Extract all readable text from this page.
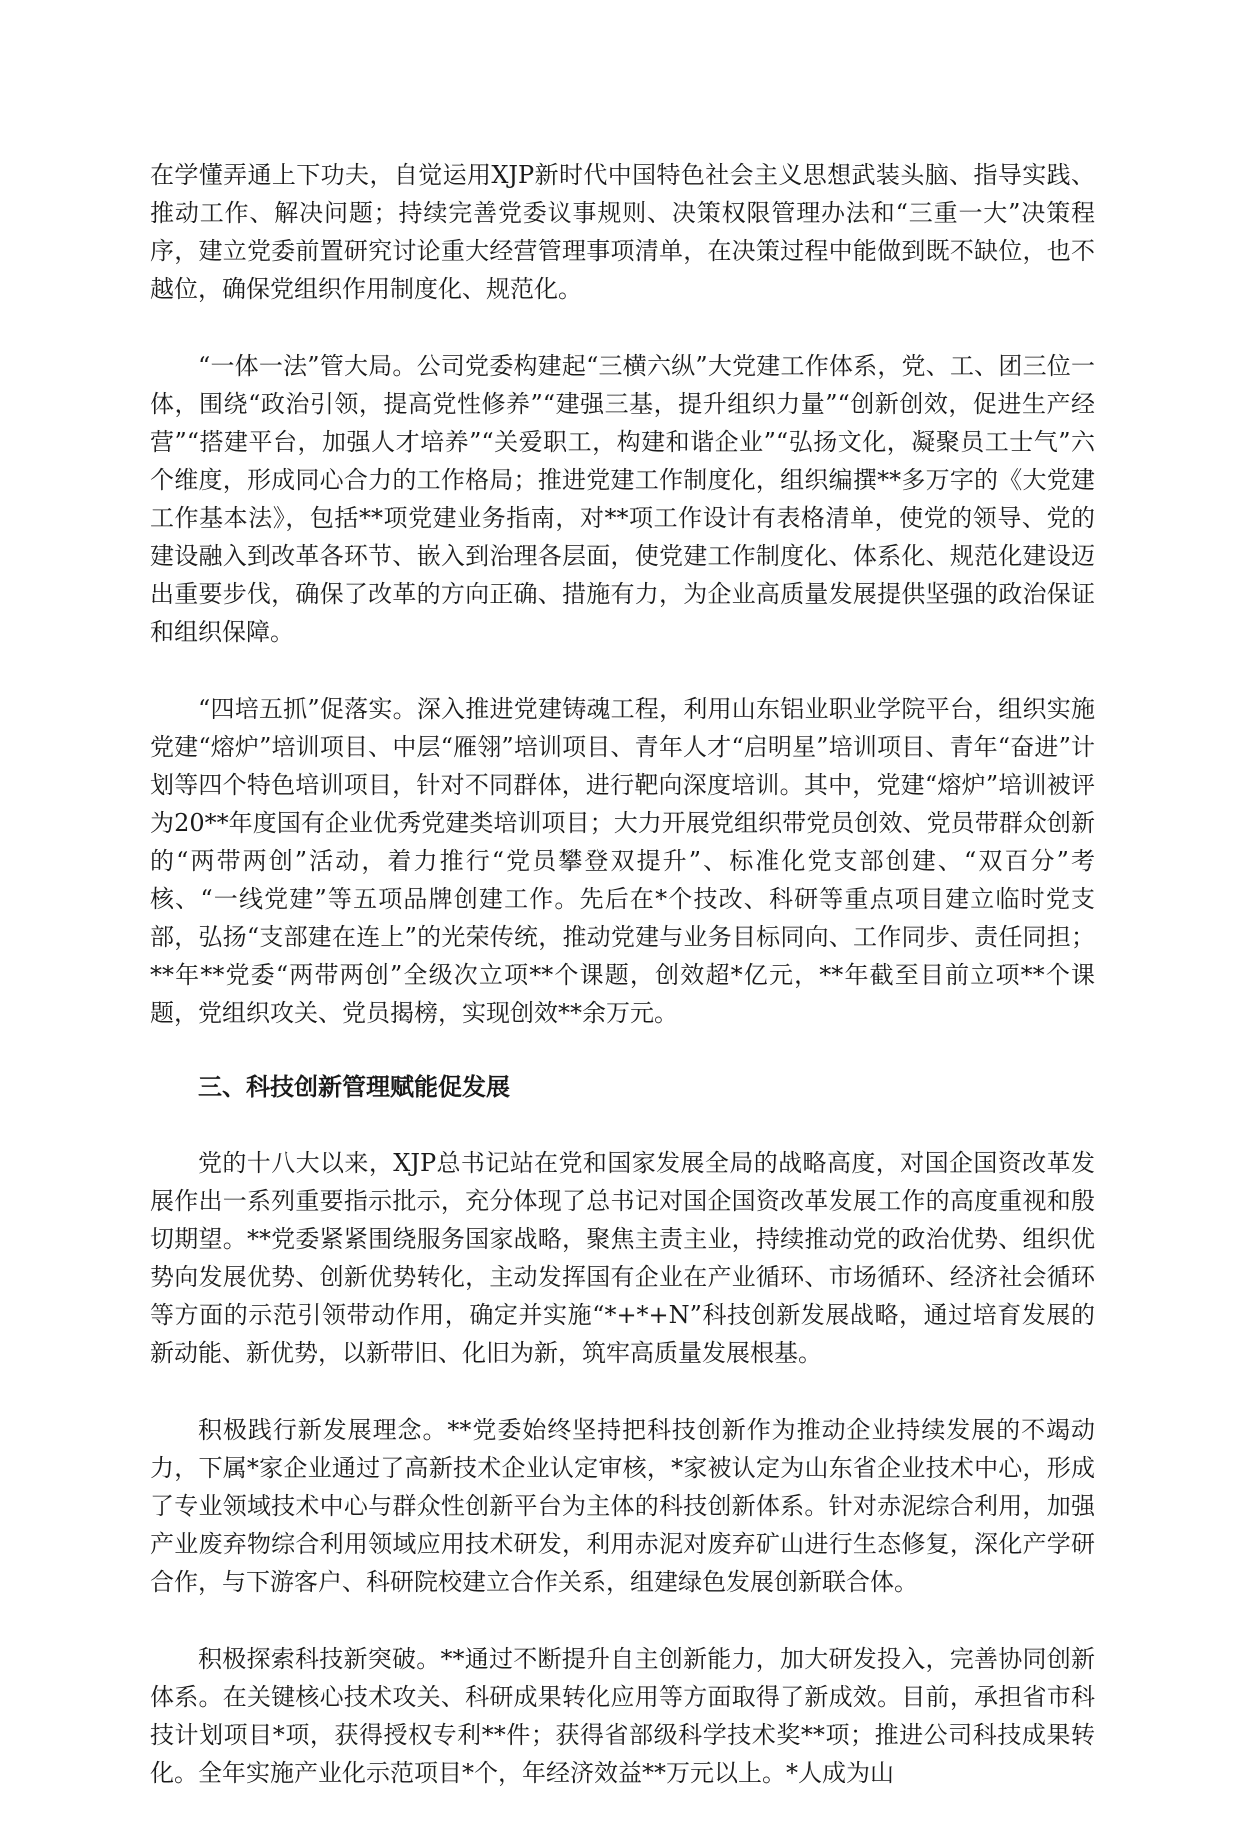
在学懂弄通上下功夫，自觉运用XJP新时代中国特色社会主义思想武装头脑、指导实践、推动工作、解决问题；持续完善党委议事规则、决策权限管理办法和“三重一大”决策程序，建立党委前置研究讨论重大经营管理事项清单，在决策过程中能做到既不缺位，也不越位，确保党组织作用制度化、规范化。

“一体一法”管大局。公司党委构建起“三横六纵”大党建工作体系，党、工、团三位一体，围绕“政治引领，提高党性修养”“建强三基，提升组织力量”“创新创效，促进生产经营”“搭建平台，加强人才培养”“关爱职工，构建和谐企业”“弘扬文化，凝聚员工士气”六个维度，形成同心合力的工作格局；推进党建工作制度化，组织编撰**多万字的《大党建工作基本法》，包括**项党建业务指南，对**项工作设计有表格清单，使党的领导、党的建设融入到改革各环节、嵌入到治理各层面，使党建工作制度化、体系化、规范化建设迈出重要步伐，确保了改革的方向正确、措施有力，为企业高质量发展提供坚强的政治保证和组织保障。

“四培五抓”促落实。深入推进党建铸魂工程，利用山东铝业职业学院平台，组织实施党建“熔炉”培训项目、中层“雁翎”培训项目、青年人才“启明星”培训项目、青年“奋进”计划等四个特色培训项目，针对不同群体，进行靶向深度培训。其中，党建“熔炉”培训被评为20**年度国有企业优秀党建类培训项目；大力开展党组织带党员创效、党员带群众创新的“两带两创”活动，着力推行“党员攀登双提升”、标准化党支部创建、“双百分”考核、“一线党建”等五项品牌创建工作。先后在*个技改、科研等重点项目建立临时党支部，弘扬“支部建在连上”的光荣传统，推动党建与业务目标同向、工作同步、责任同担；**年**党委“两带两创”全级次立项**个课题，创效超*亿元，**年截至目前立项**个课题，党组织攻关、党员揭榜，实现创效**余万元。

三、科技创新管理赋能促发展

党的十八大以来，XJP总书记站在党和国家发展全局的战略高度，对国企国资改革发展作出一系列重要指示批示，充分体现了总书记对国企国资改革发展工作的高度重视和殷切期望。**党委紧紧围绕服务国家战略，聚焦主责主业，持续推动党的政治优势、组织优势向发展优势、创新优势转化，主动发挥国有企业在产业循环、市场循环、经济社会循环等方面的示范引领带动作用，确定并实施“*+*+N”科技创新发展战略，通过培育发展的新动能、新优势，以新带旧、化旧为新，筑牢高质量发展根基。

积极践行新发展理念。**党委始终坚持把科技创新作为推动企业持续发展的不竭动力，下属*家企业通过了高新技术企业认定审核，*家被认定为山东省企业技术中心，形成了专业领域技术中心与群众性创新平台为主体的科技创新体系。针对赤泥综合利用，加强产业废弃物综合利用领域应用技术研发，利用赤泥对废弃矿山进行生态修复，深化产学研合作，与下游客户、科研院校建立合作关系，组建绿色发展创新联合体。

积极探索科技新突破。**通过不断提升自主创新能力，加大研发投入，完善协同创新体系。在关键核心技术攻关、科研成果转化应用等方面取得了新成效。目前，承担省市科技计划项目*项，获得授权专利**件；获得省部级科学技术奖**项；推进公司科技成果转化。全年实施产业化示范项目*个，年经济效益**万元以上。*人成为山
